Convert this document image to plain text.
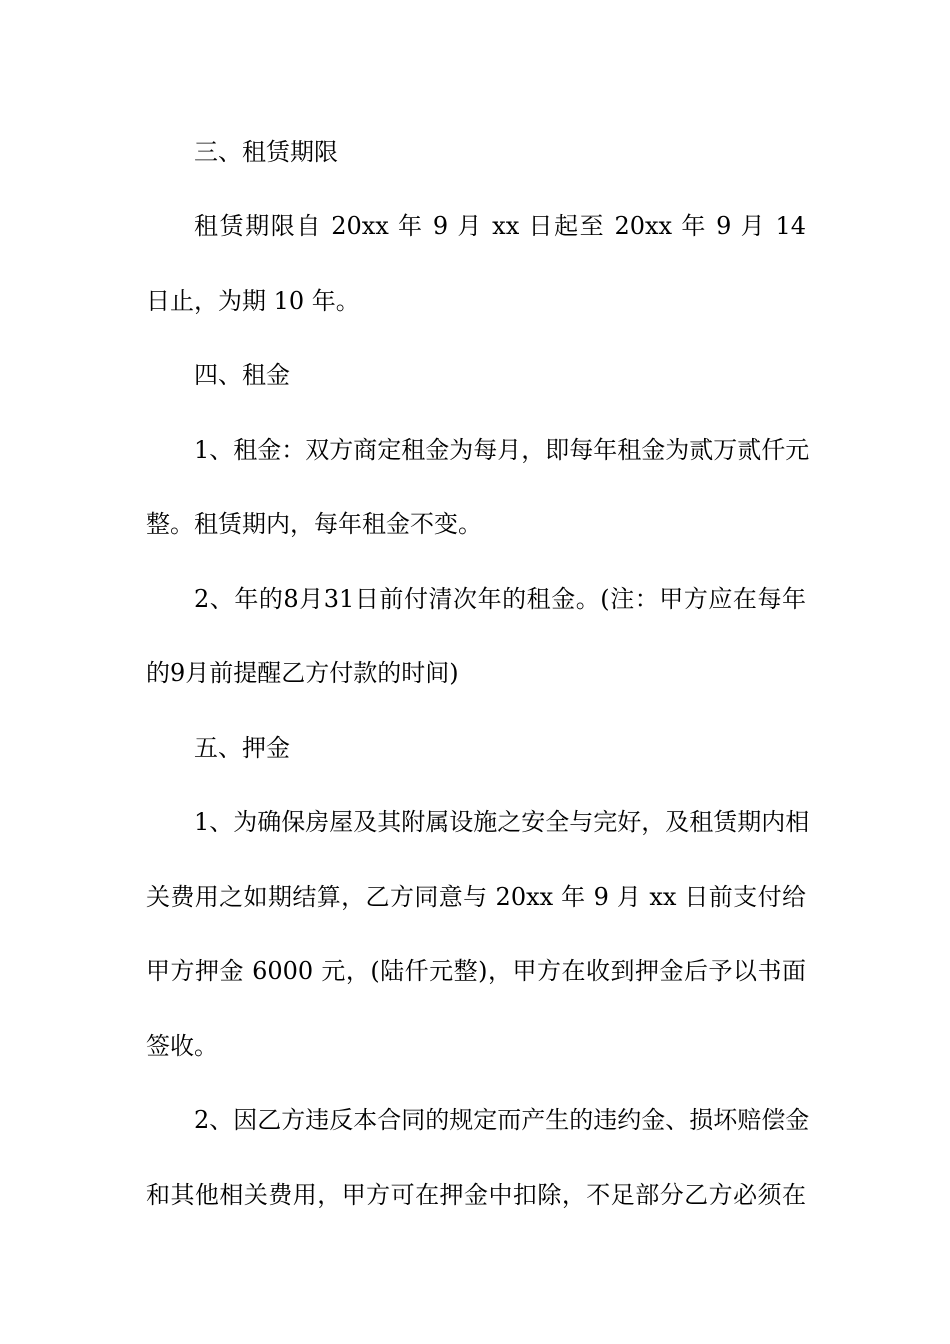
三、租赁期限
租赁期限自 20xx 年 9 月 xx 日起至 20xx 年 9 月 14
日止，为期 10 年。
四、租金
1、租金：双方商定租金为每月，即每年租金为贰万贰仟元
整。租赁期内，每年租金不变。
2、年的8月31日前付清次年的租金。(注：甲方应在每年
的9月前提醒乙方付款的时间)
五、押金
1、为确保房屋及其附属设施之安全与完好，及租赁期内相
关费用之如期结算，乙方同意与 20xx 年 9 月 xx 日前支付给
甲方押金 6000 元，(陆仟元整)，甲方在收到押金后予以书面
签收。
2、因乙方违反本合同的规定而产生的违约金、损坏赔偿金
和其他相关费用，甲方可在押金中扣除，不足部分乙方必须在
